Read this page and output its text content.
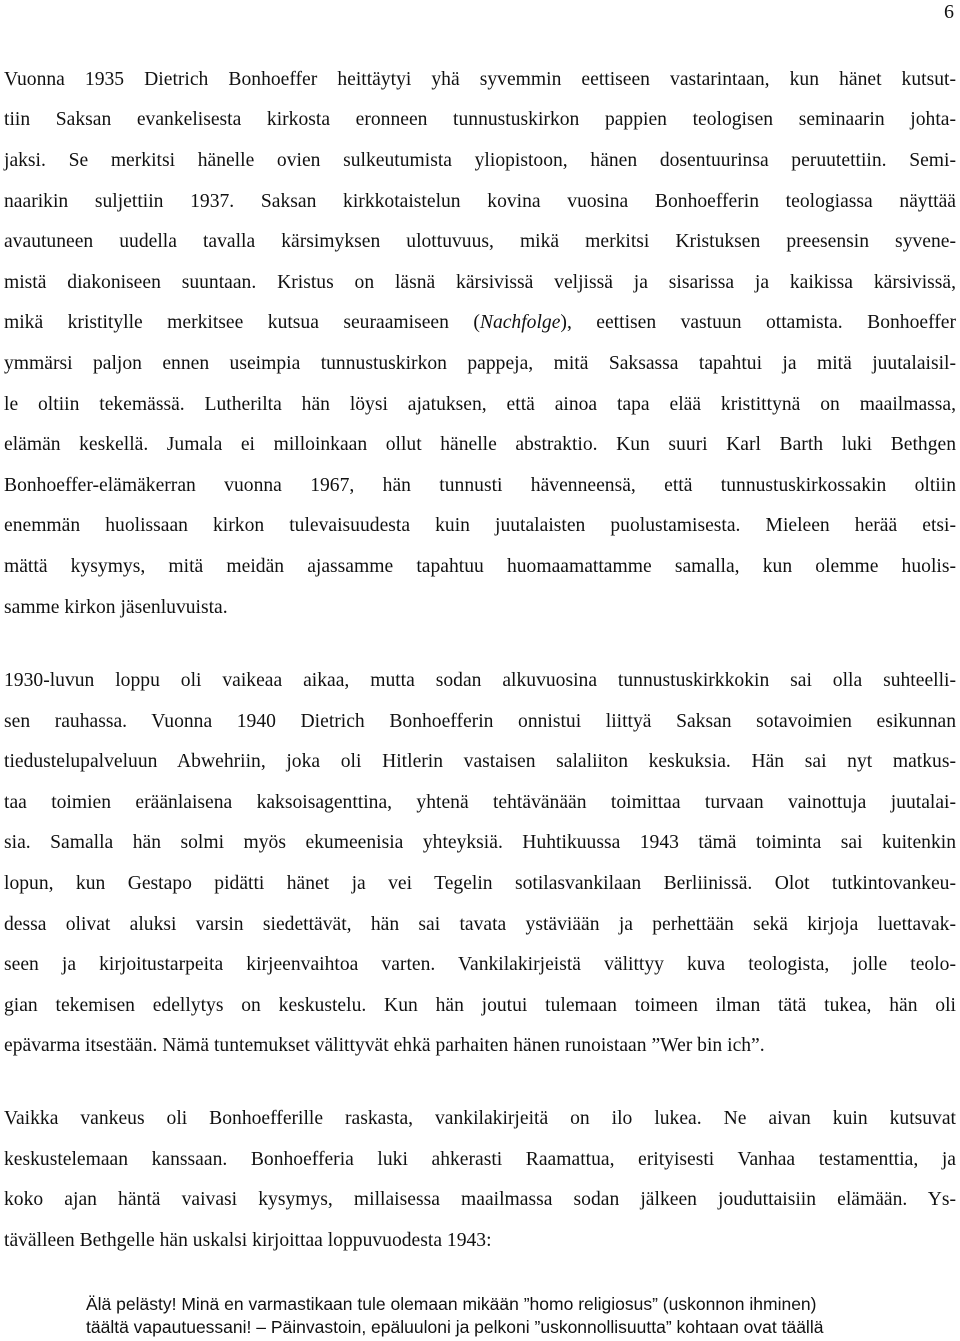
6
Vuonna 1935 Dietrich Bonhoeffer heittäytyi yhä syvemmin eettiseen vastarintaan, kun hänet kutsut-
tiin Saksan evankelisesta kirkosta eronneen tunnustuskirkon pappien teologisen seminaarin johta-
jaksi. Se merkitsi hänelle ovien sulkeutumista yliopistoon, hänen dosentuurinsa peruutettiin. Semi-
naarikin suljettiin 1937. Saksan kirkkotaistelun kovina vuosina Bonhoefferin teologiassa näyttää
avautuneen uudella tavalla kärsimyksen ulottuvuus, mikä merkitsi Kristuksen preesensin syvene-
mistä diakoniseen suuntaan. Kristus on läsnä kärsivissä veljissä ja sisarissa ja kaikissa kärsivissä,
mikä kristitylle merkitsee kutsua seuraamiseen (Nachfolge), eettisen vastuun ottamista. Bonhoeffer
ymmärsi paljon ennen useimpia tunnustuskirkon pappeja, mitä Saksassa tapahtui ja mitä juutalaisil-
le oltiin tekemässä. Lutherilta hän löysi ajatuksen, että ainoa tapa elää kristittynä on maailmassa,
elämän keskellä. Jumala ei milloinkaan ollut hänelle abstraktio. Kun suuri Karl Barth luki Bethgen
Bonhoeffer-elämäkerran vuonna 1967, hän tunnusti hävenneensä, että tunnustuskirkossakin oltiin
enemmän huolissaan kirkon tulevaisuudesta kuin juutalaisten puolustamisesta. Mieleen herää etsi-
mättä kysymys, mitä meidän ajassamme tapahtuu huomaamattamme samalla, kun olemme huolis-
samme kirkon jäsenluvuista.
1930-luvun loppu oli vaikeaa aikaa, mutta sodan alkuvuosina tunnustuskirkkokin sai olla suhteelli-
sen rauhassa. Vuonna 1940 Dietrich Bonhoefferin onnistui liittyä Saksan sotavoimien esikunnan
tiedustelupalveluun Abwehriin, joka oli Hitlerin vastaisen salaliiton keskuksia. Hän sai nyt matkus-
taa toimien eräänlaisena kaksoisagenttina, yhtenä tehtävänään toimittaa turvaan vainottuja juutalai-
sia. Samalla hän solmi myös ekumeenisia yhteyksiä. Huhtikuussa 1943 tämä toiminta sai kuitenkin
lopun, kun Gestapo pidätti hänet ja vei Tegelin sotilasvankilaan Berliinissä. Olot tutkintovankeu-
dessa olivat aluksi varsin siedettävät, hän sai tavata ystäviään ja perhettään sekä kirjoja luettavak-
seen ja kirjoitustarpeita kirjeenvaihtoa varten. Vankilakirjeistä välittyy kuva teologista, jolle teolo-
gian tekemisen edellytys on keskustelu. Kun hän joutui tulemaan toimeen ilman tätä tukea, hän oli
epävarma itsestään. Nämä tuntemukset välittyvät ehkä parhaiten hänen runoistaan ”Wer bin ich”.
Vaikka vankeus oli Bonhoefferille raskasta, vankilakirjeitä on ilo lukea. Ne aivan kuin kutsuvat
keskustelemaan kanssaan. Bonhoefferia luki ahkerasti Raamattua, erityisesti Vanhaa testamenttia, ja
koko ajan häntä vaivasi kysymys, millaisessa maailmassa sodan jälkeen jouduttaisiin elämään. Ys-
tävälleen Bethgelle hän uskalsi kirjoittaa loppuvuodesta 1943:
Älä pelästy! Minä en varmastikaan tule olemaan mikään ”homo religiosus” (uskonnon ihminen)
täältä vapautuessani! – Päinvastoin, epäluuloni ja pelkoni ”uskonnollisuutta” kohtaan ovat täällä
